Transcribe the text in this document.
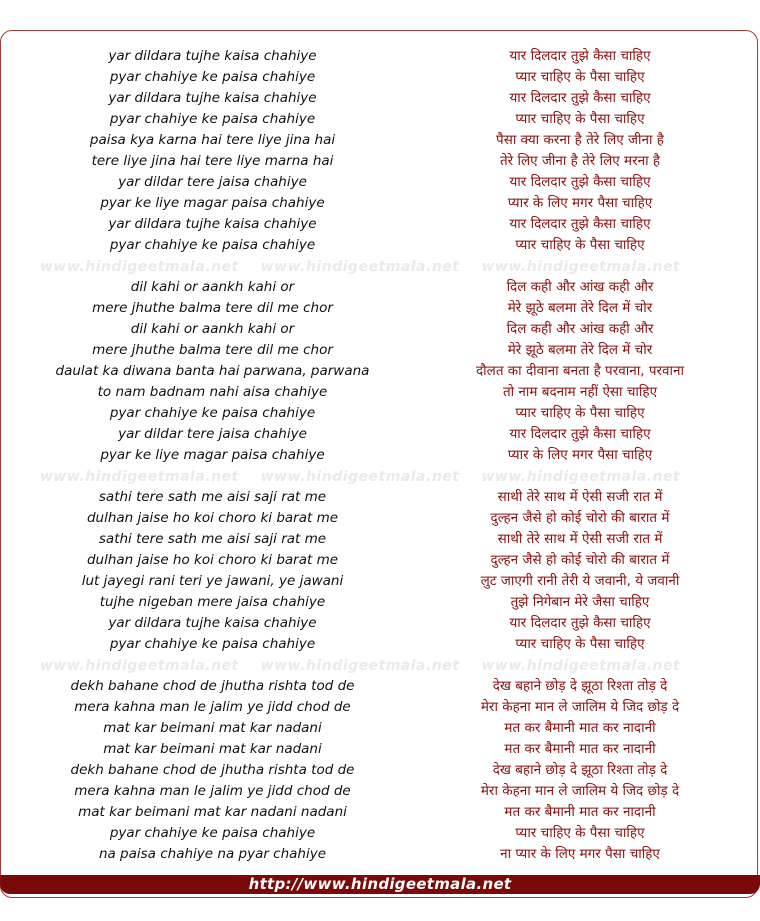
www.hindigeetmala.net www.hindigeetmala.net www.hindigeetmala.net
www.hindigeetmala.net www.hindigeetmala.net www.hindigeetmala.net
www.hindigeetmala.net www.hindigeetmala.net www.hindigeetmala.net
yar dildara tujhe kaisa chahiye
pyar chahiye ke paisa chahiye
yar dildara tujhe kaisa chahiye
pyar chahiye ke paisa chahiye
paisa kya karna hai tere liye jina hai
tere liye jina hai tere liye marna hai
yar dildar tere jaisa chahiye
pyar ke liye magar paisa chahiye
yar dildara tujhe kaisa chahiye
pyar chahiye ke paisa chahiye
dil kahi or aankh kahi or
mere jhuthe balma tere dil me chor
dil kahi or aankh kahi or
mere jhuthe balma tere dil me chor
daulat ka diwana banta hai parwana, parwana
to nam badnam nahi aisa chahiye
pyar chahiye ke paisa chahiye
yar dildar tere jaisa chahiye
pyar ke liye magar paisa chahiye
sathi tere sath me aisi saji rat me
dulhan jaise ho koi choro ki barat me
sathi tere sath me aisi saji rat me
dulhan jaise ho koi choro ki barat me
lut jayegi rani teri ye jawani, ye jawani
tujhe nigeban mere jaisa chahiye
yar dildara tujhe kaisa chahiye
pyar chahiye ke paisa chahiye
dekh bahane chod de jhutha rishta tod de
mera kahna man le jalim ye jidd chod de
mat kar beimani mat kar nadani
mat kar beimani mat kar nadani
dekh bahane chod de jhutha rishta tod de
mera kahna man le jalim ye jidd chod de
mat kar beimani mat kar nadani nadani
pyar chahiye ke paisa chahiye
na paisa chahiye na pyar chahiye
यार दिलदार तुझे कैसा चाहिए
प्यार चाहिए के पैसा चाहिए
यार दिलदार तुझे कैसा चाहिए
प्यार चाहिए के पैसा चाहिए
पैसा क्या करना है तेरे लिए जीना है
तेरे लिए जीना है तेरे लिए मरना है
यार दिलदार तुझे कैसा चाहिए
प्यार के लिए मगर पैसा चाहिए
यार दिलदार तुझे कैसा चाहिए
प्यार चाहिए के पैसा चाहिए
दिल कही और आंख कही और
मेरे झूठे बलमा तेरे दिल में चोर
दिल कही और आंख कही और
मेरे झूठे बलमा तेरे दिल में चोर
दौलत का दीवाना बनता है परवाना, परवाना
तो नाम बदनाम नहीं ऐसा चाहिए
प्यार चाहिए के पैसा चाहिए
यार दिलदार तुझे कैसा चाहिए
प्यार के लिए मगर पैसा चाहिए
साथी तेरे साथ में ऐसी सजी रात में
दुल्हन जैसे हो कोई चोरो की बारात में
साथी तेरे साथ में ऐसी सजी रात में
दुल्हन जैसे हो कोई चोरो की बारात में
लुट जाएगी रानी तेरी ये जवानी, ये जवानी
तुझे निगेबान मेरे जैसा चाहिए
यार दिलदार तुझे कैसा चाहिए
प्यार चाहिए के पैसा चाहिए
देख बहाने छोड़ दे झूठा रिश्ता तोड़ दे
मेरा केहना मान ले जालिम ये जिद छोड़ दे
मत कर बैमानी मात कर नादानी
मत कर बैमानी मात कर नादानी
देख बहाने छोड़ दे झूठा रिश्ता तोड़ दे
मेरा केहना मान ले जालिम ये जिद छोड़ दे
मत कर बैमानी मात कर नादानी
प्यार चाहिए के पैसा चाहिए
ना प्यार के लिए मगर पैसा चाहिए
http://www.hindigeetmala.net
